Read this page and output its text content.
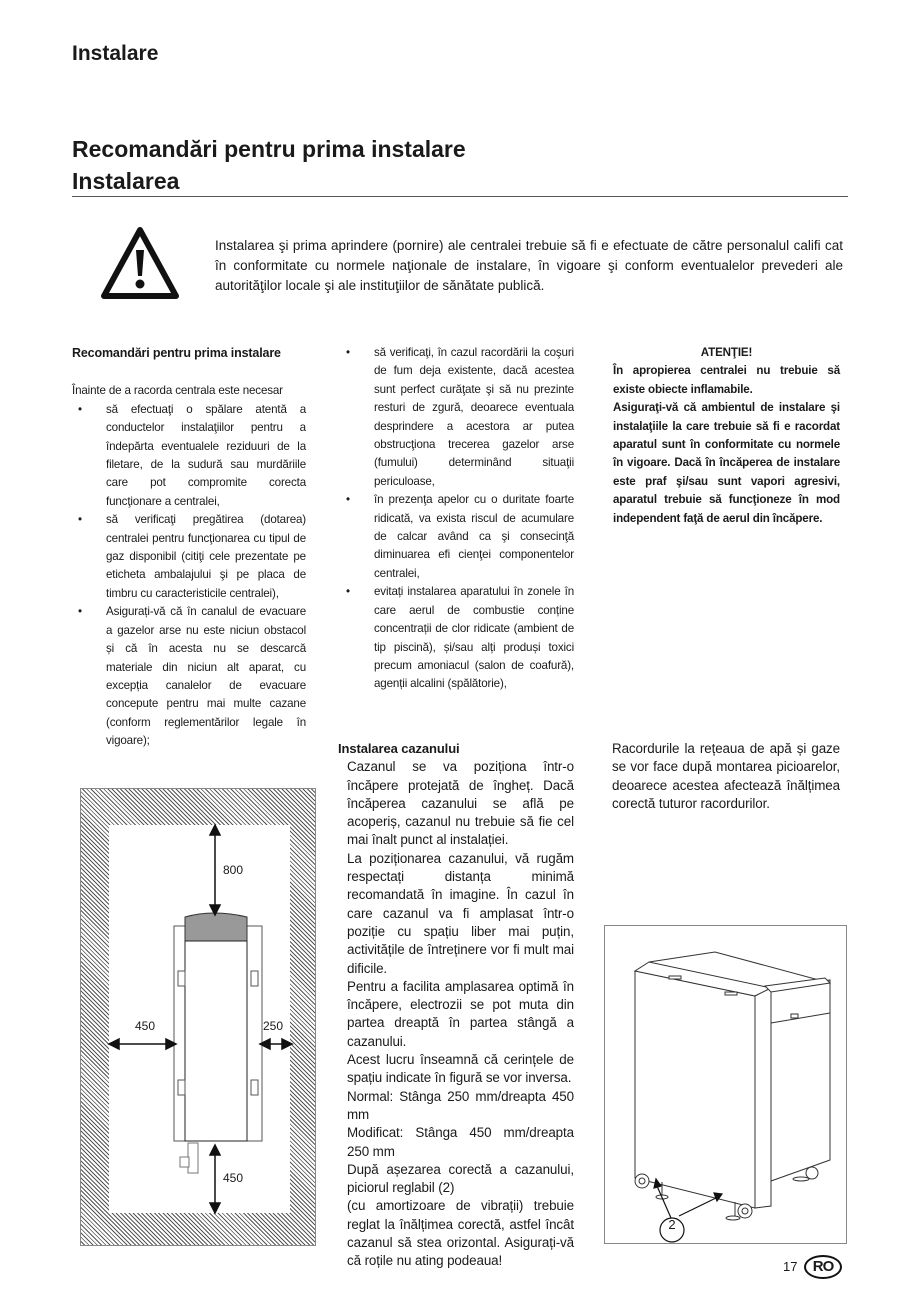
Instalare
Recomandări pentru prima instalare
Instalarea
Instalarea şi prima aprindere (pornire) ale centralei trebuie să fi e efectuate de către personalul califi cat în conformitate cu normele naţionale de instalare, în vigoare şi conform eventualelor prevederi ale autorităţilor locale şi ale instituţiilor de sănătate publică.
Recomandări pentru prima instalare
Înainte de a racorda centrala este necesar
• să efectuaţi o spălare atentă a conductelor instalaţiilor pentru a îndepărta eventualele reziduuri de la filetare, de la sudură sau murdăriile care pot compromite corecta funcţionare a centralei,
• să verificaţi pregătirea (dotarea) centralei pentru funcţionarea cu tipul de gaz disponibil (citiţi cele prezentate pe eticheta ambalajului şi pe placa de timbru cu caracteristicile centralei),
• Asigurați-vă că în canalul de evacuare a gazelor arse nu este niciun obstacol și că în acesta nu se descarcă materiale din niciun alt aparat, cu excepția canalelor de evacuare concepute pentru mai multe cazane (conform reglementărilor legale în vigoare);
• să verificaţi, în cazul racordării la coşuri de fum deja existente, dacă acestea sunt perfect curăţate şi să nu prezinte resturi de zgură, deoarece eventuala desprindere a acestora ar putea obstrucţiona trecerea gazelor arse (fumului) determinând situaţii periculoase,
• în prezenţa apelor cu o duritate foarte ridicată, va exista riscul de acumulare de calcar având ca şi consecinţă diminuarea efi cienţei componentelor centralei,
• evitați instalarea aparatului în zonele în care aerul de combustie conține concentrații de clor ridicate (ambient de tip piscină), și/sau alți produși toxici precum amoniacul (salon de coafură), agenții alcalini (spălătorie),
ATENŢIE!
În apropierea centralei nu trebuie să existe obiecte inflamabile.
Asiguraţi-vă că ambientul de instalare şi instalaţiile la care trebuie să fi e racordat aparatul sunt în conformitate cu normele în vigoare. Dacă în încăperea de instalare este praf şi/sau sunt vapori agresivi, aparatul trebuie să funcţioneze în mod independent faţă de aerul din încăpere.
800
450	250
450
Instalarea cazanului
Cazanul se va poziționa într-o încăpere protejată de îngheț. Dacă încăperea cazanului se află pe acoperiș, cazanul nu trebuie să fie cel mai înalt punct al instalației.
La poziționarea cazanului, vă rugăm respectați distanța minimă recomandată în imagine. În cazul în care cazanul va fi amplasat într-o poziție cu spațiu liber mai puțin, activitățile de întreținere vor fi mult mai dificile.
Pentru a facilita amplasarea optimă în încăpere, electrozii se pot muta din partea dreaptă în partea stângă a cazanului.
Acest lucru înseamnă că cerințele de spațiu indicate în figură se vor inversa.
Normal: Stânga 250 mm/dreapta 450 mm
Modificat: Stânga 450 mm/dreapta 250 mm
După așezarea corectă a cazanului, piciorul reglabil (2)
(cu amortizoare de vibrații) trebuie reglat la înălțimea corectă, astfel încât cazanul să stea orizontal. Asigurați-vă că roțile nu ating podeaua!
Racordurile la rețeaua de apă și gaze se vor face după montarea picioarelor, deoarece acestea afectează înălțimea corectă tuturor racordurilor.
2
17	RO
